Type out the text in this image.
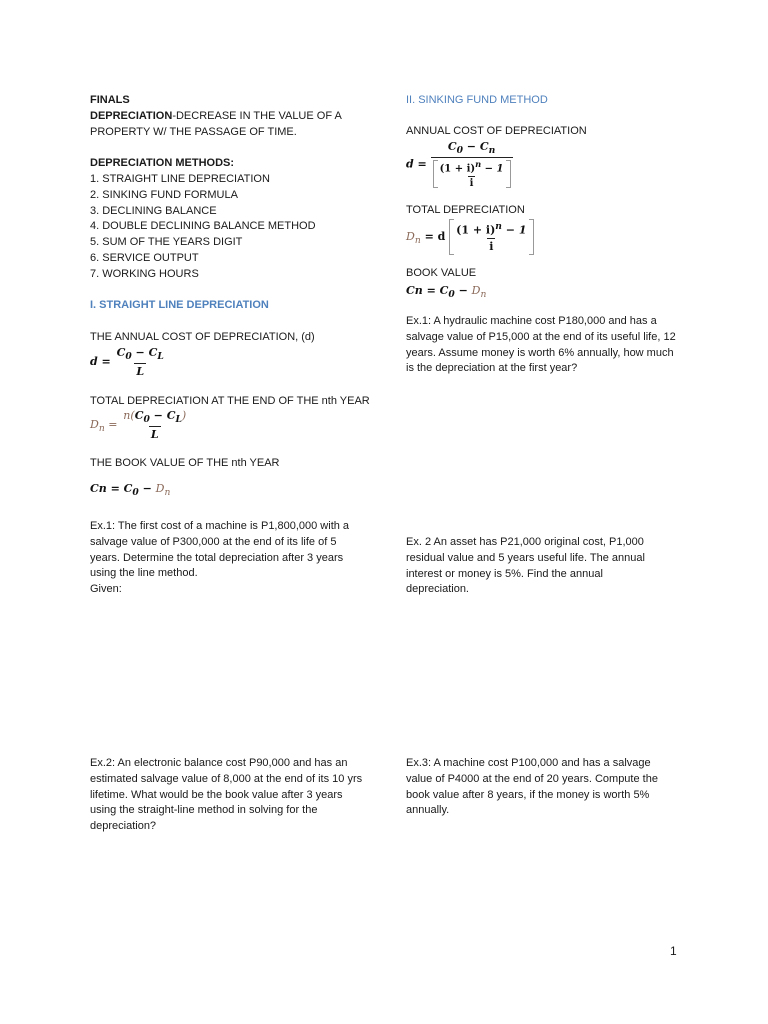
FINALS
DEPRECIATION-DECREASE IN THE VALUE OF A PROPERTY W/ THE PASSAGE OF TIME.
DEPRECIATION METHODS:
1. STRAIGHT LINE DEPRECIATION
2. SINKING FUND FORMULA
3. DECLINING BALANCE
4. DOUBLE DECLINING BALANCE METHOD
5. SUM OF THE YEARS DIGIT
6. SERVICE OUTPUT
7. WORKING HOURS
I. STRAIGHT LINE DEPRECIATION
THE ANNUAL COST OF DEPRECIATION, (d)
$d = \frac{C_0 - C_L}{L}$
TOTAL DEPRECIATION AT THE END OF THE nth YEAR
$D_n = \frac{n(C_0 - C_L)}{L}$
THE BOOK VALUE OF THE nth YEAR
$Cn = C_0 - D_n$
Ex.1: The first cost of a machine is P1,800,000 with a salvage value of P300,000 at the end of its life of 5 years. Determine the total depreciation after 3 years using the line method.
Given:
Ex.2: An electronic balance cost P90,000 and has an estimated salvage value of 8,000 at the end of its 10 yrs lifetime. What would be the book value after 3 years using the straight-line method in solving for the depreciation?
II. SINKING FUND METHOD
ANNUAL COST OF DEPRECIATION
$d = \frac{C_0 - C_n}{\frac{(1 + i)^n - 1}{i}}$
TOTAL DEPRECIATION
$D_n = d \frac{(1 + i)^n - 1}{i}$
BOOK VALUE
$Cn = C_0 - D_n$
Ex.1: A hydraulic machine cost P180,000 and has a salvage value of P15,000 at the end of its useful life, 12 years. Assume money is worth 6% annually, how much is the depreciation at the first year?
Ex. 2 An asset has P21,000 original cost, P1,000 residual value and 5 years useful life. The annual interest or money is 5%. Find the annual depreciation.
Ex.3: A machine cost P100,000 and has a salvage value of P4000 at the end of 20 years. Compute the book value after 8 years, if the money is worth 5% annually.
1
